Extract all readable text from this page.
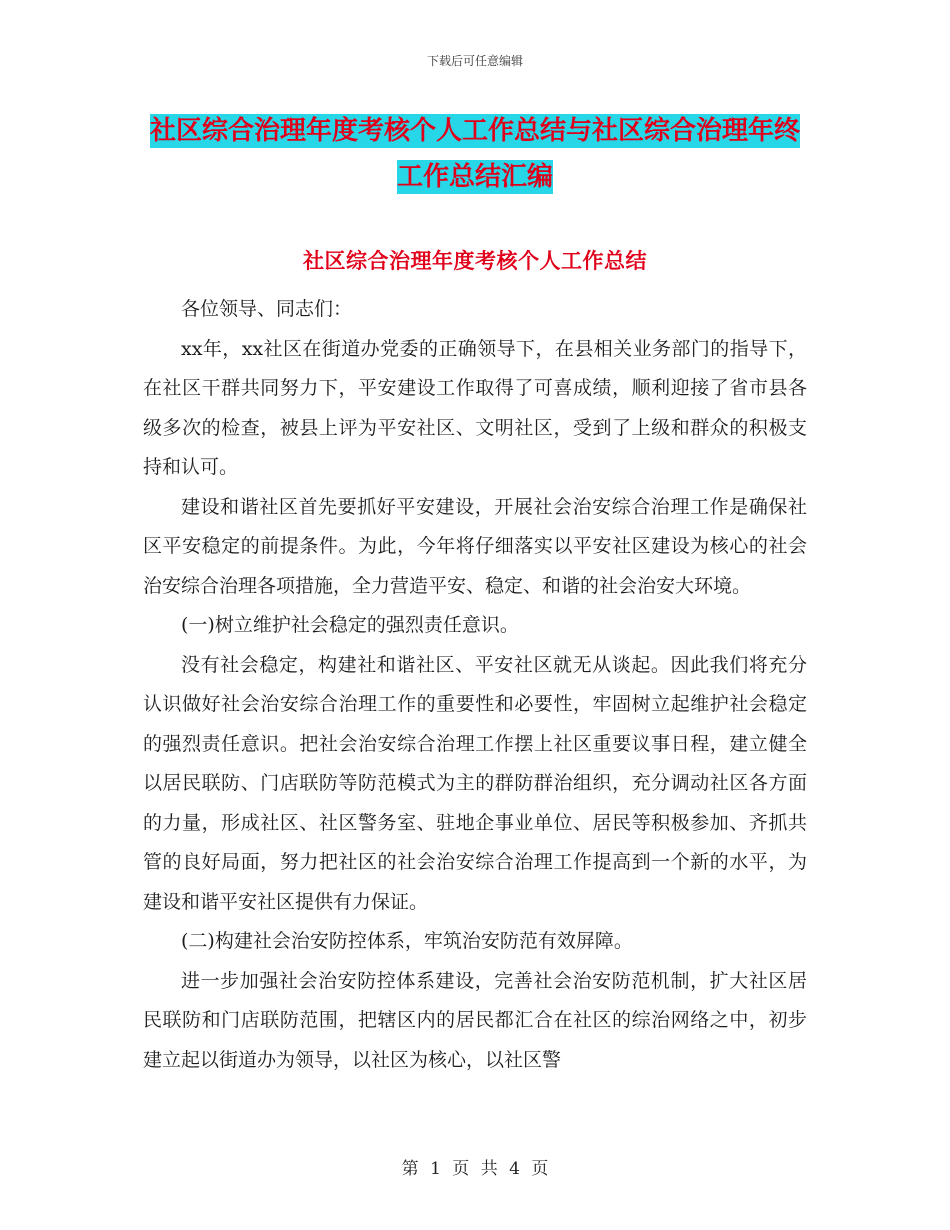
下载后可任意编辑
社区综合治理年度考核个人工作总结与社区综合治理年终工作总结汇编
社区综合治理年度考核个人工作总结

各位领导、同志们：

xx年，xx社区在街道办党委的正确领导下，在县相关业务部门的指导下，在社区干群共同努力下，平安建设工作取得了可喜成绩，顺利迎接了省市县各级多次的检查，被县上评为平安社区、文明社区，受到了上级和群众的积极支持和认可。

建设和谐社区首先要抓好平安建设，开展社会治安综合治理工作是确保社区平安稳定的前提条件。为此，今年将仔细落实以平安社区建设为核心的社会治安综合治理各项措施，全力营造平安、稳定、和谐的社会治安大环境。

(一)树立维护社会稳定的强烈责任意识。

没有社会稳定，构建社和谐社区、平安社区就无从谈起。因此我们将充分认识做好社会治安综合治理工作的重要性和必要性，牢固树立起维护社会稳定的强烈责任意识。把社会治安综合治理工作摆上社区重要议事日程，建立健全以居民联防、门店联防等防范模式为主的群防群治组织，充分调动社区各方面的力量，形成社区、社区警务室、驻地企事业单位、居民等积极参加、齐抓共管的良好局面，努力把社区的社会治安综合治理工作提高到一个新的水平，为建设和谐平安社区提供有力保证。

(二)构建社会治安防控体系，牢筑治安防范有效屏障。

进一步加强社会治安防控体系建设，完善社会治安防范机制，扩大社区居民联防和门店联防范围，把辖区内的居民都汇合在社区的综治网络之中，初步建立起以街道办为领导，以社区为核心，以社区警

第 1 页 共 4 页
